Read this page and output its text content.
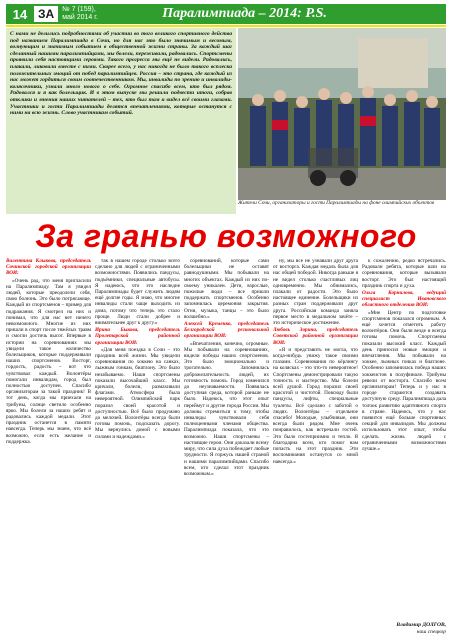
14 ЗА	№ 7 (159),
май 2014 г.	Паралимпиада – 2014: P.S.

С нами не делились подробностями об участии во того великого спортивного действа под названием Паралимпиада в Сочи, но для нас это было значимым и весомым, волнующим и значимым событием в общественной жизни страны. За каждый шаг сделанный нашими паралимпийцами, мы болели, переживали, радовались. Спортсмены проявили себя настоящими героями. Такого прогресса мы ещё не видели. Радовались, плакали, ликовали вместе с ними. Скорее всего, у нас никогда не было такого всплеска положительных эмоций от побед паралимпийцев. Россия – это страна, где каждый из нас может гордиться своим соотечественником. Мы, инвалиды по зрению и инвалиды-колясочники, узнали много нового о себе. Огромное спасибо всем, кто был рядом. Радовался и я как болельщик. И в этом выпуске мы решили подвести итоги, собрав отклики и мнения наших читателей – тех, кто был там и видел всё своими глазами. Участники и гости Паралимпиады делятся впечатлениями, которые останутся с ними на всю жизнь. Слово участникам событий.

Жители Сочи, организаторы и гости Паралимпиады на фоне олимпийских объектов
За гранью возможного

Валентина Клыкова, председатель Сочинской городской организации ВОИ:

«Очень рад, что меня пригласили на Паралимпиаду. Там я увидел людей, которые преодолели себя, свою болезнь. Это было потрясающе. Каждый из спортсменов – пример для подражания. Я смотрел на них и понимал, что для нас нет ничего невозможного. Многие из них пришли в спорт после тяжёлых травм и смогли достичь высот. Впервые в истории на соревнованиях мы увидели такое количество болельщиков, которые поддерживали наших спортсменов. Восторг, гордость, радость – вот что чувствовал каждый. Волонтёры помогали инвалидам, город был полностью доступен. Спасибо организаторам за такой праздник! В тот день, когда мы приехали на трибуны, солнце светило особенно ярко. Мы болели за наших ребят и радовались каждой медали. Этот праздник останется в памяти навсегда. Теперь мы знаем, что всё возможно, если есть желание и поддержка.

так в нашем городе столько всего сделано для людей с ограниченными возможностями. Появились пандусы, подъёмники, специальные автобусы. Я надеюсь, что это наследие Паралимпиады будет служить людям ещё долгие годы. Я знаю, что многие инвалиды стали чаще выходить из дома, потому что теперь это стало проще. Люди стали добрее и внимательнее друг к другу.»

Ирина Быкова, председатель Пролетарской районной организации ВОИ:

«Для меня поездка в Сочи – это праздник всей жизни. Мы увидели соревнования по хоккею на санках, лыжным гонкам, биатлону. Это было незабываемо. Наши спортсмены показали высочайший класс. Мы кричали, болели, размахивали флагами. Атмосфера была невероятной. Олимпийский парк поразил своей красотой и доступностью. Всё было продумано до мелочей. Волонтёры всегда были готовы помочь, подсказать дорогу. Мы вернулись домой с новыми силами и надеждами.»

соревнований, которые сами болельщики не оставят равнодушными. Мы побывали на многих объектах. Каждый из них по-своему уникален. Дети, взрослые, пожилые люди – все пришли поддержать спортсменов. Особенно запомнилась церемония закрытия. Огни, музыка, танцы – это было волшебно.»

Алексей Кременко, председатель Белгородской региональной организации ВОИ:

«Впечатления, конечно, огромные. Мы побывали на соревнованиях, видели победы наших спортсменов. Это было эмоционально и трогательно. Запомнилась доброжелательность людей, их готовность помочь. Город изменился до неузнаваемости. Появилась доступная среда, которой раньше не было. Надеюсь, что этот опыт переймут и другие города России. Мы должны стремиться к тому, чтобы инвалиды чувствовали себя полноценными членами общества. Паралимпиада показала, что это возможно. Наши спортсмены – настоящие герои. Они доказали всему миру, что сила духа побеждает любые трудности. Я горжусь нашей страной и нашими паралимпийцами. Спасибо всем, кто сделал этот праздник возможным.»

ну, мы все не узнавали друг друга от восторга. Каждая медаль была для нас общей победой. Никогда раньше я не видел столько счастливых лиц одновременно. Мы обнимались, плакали от радости. Это было настоящее единение. Болельщики из разных стран поддерживали друг друга. Российская команда заняла первое место в медальном зачёте – это историческое достижение.

Любовь Зорина, председатель Советской районной организации ВОИ:

«Я и представить не могла, что когда-нибудь увижу такое своими глазами. Соревнования по кёрлингу на колясках – это что-то невероятное! Спортсмены демонстрировали такую точность и мастерство. Мы болели всей душой. Город поразил своей красотой и чистотой. Повсюду были пандусы, лифты, специальные туалеты. Всё сделано с заботой о людях. Волонтёры – отдельное спасибо! Молодые, улыбчивые, они всегда были рядом. Мне очень понравилось, как встречали гостей. Это было гостеприимно и тепло. Я благодарна всем, кто помог нам попасть на этот праздник. Эти воспоминания останутся со мной навсегда.»

к сожалению, редко встречались. Радовали ребята, которые шли на соревнования, которые вызывали восторг. Это был настоящий праздник спорта и духа.

Ольга Корнилова, ведущий специалист Ивановского областного отделения ВОИ:

«Мне Центр по подготовке спортсменов показался огромным. А ещё хочется отметить работу волонтёров. Они были везде и всегда готовы помочь. Спортсмены показали высокий класс. Каждый день приносил новые эмоции и впечатления. Мы побывали на хоккее, лыжных гонках и биатлоне. Особенно запомнилась победа наших хоккеистов в полуфинале. Трибуны ревели от восторга. Спасибо всем организаторам! Теперь и у нас в городе стараются создавать доступную среду. Паралимпиада дала толчок развитию адаптивного спорта в стране. Надеюсь, что у нас появится ещё больше спортивных секций для инвалидов. Мы должны использовать этот опыт, чтобы сделать жизнь людей с ограниченными возможностями лучше.»

Владимир ДОЛГОВ,
наш спецкор
